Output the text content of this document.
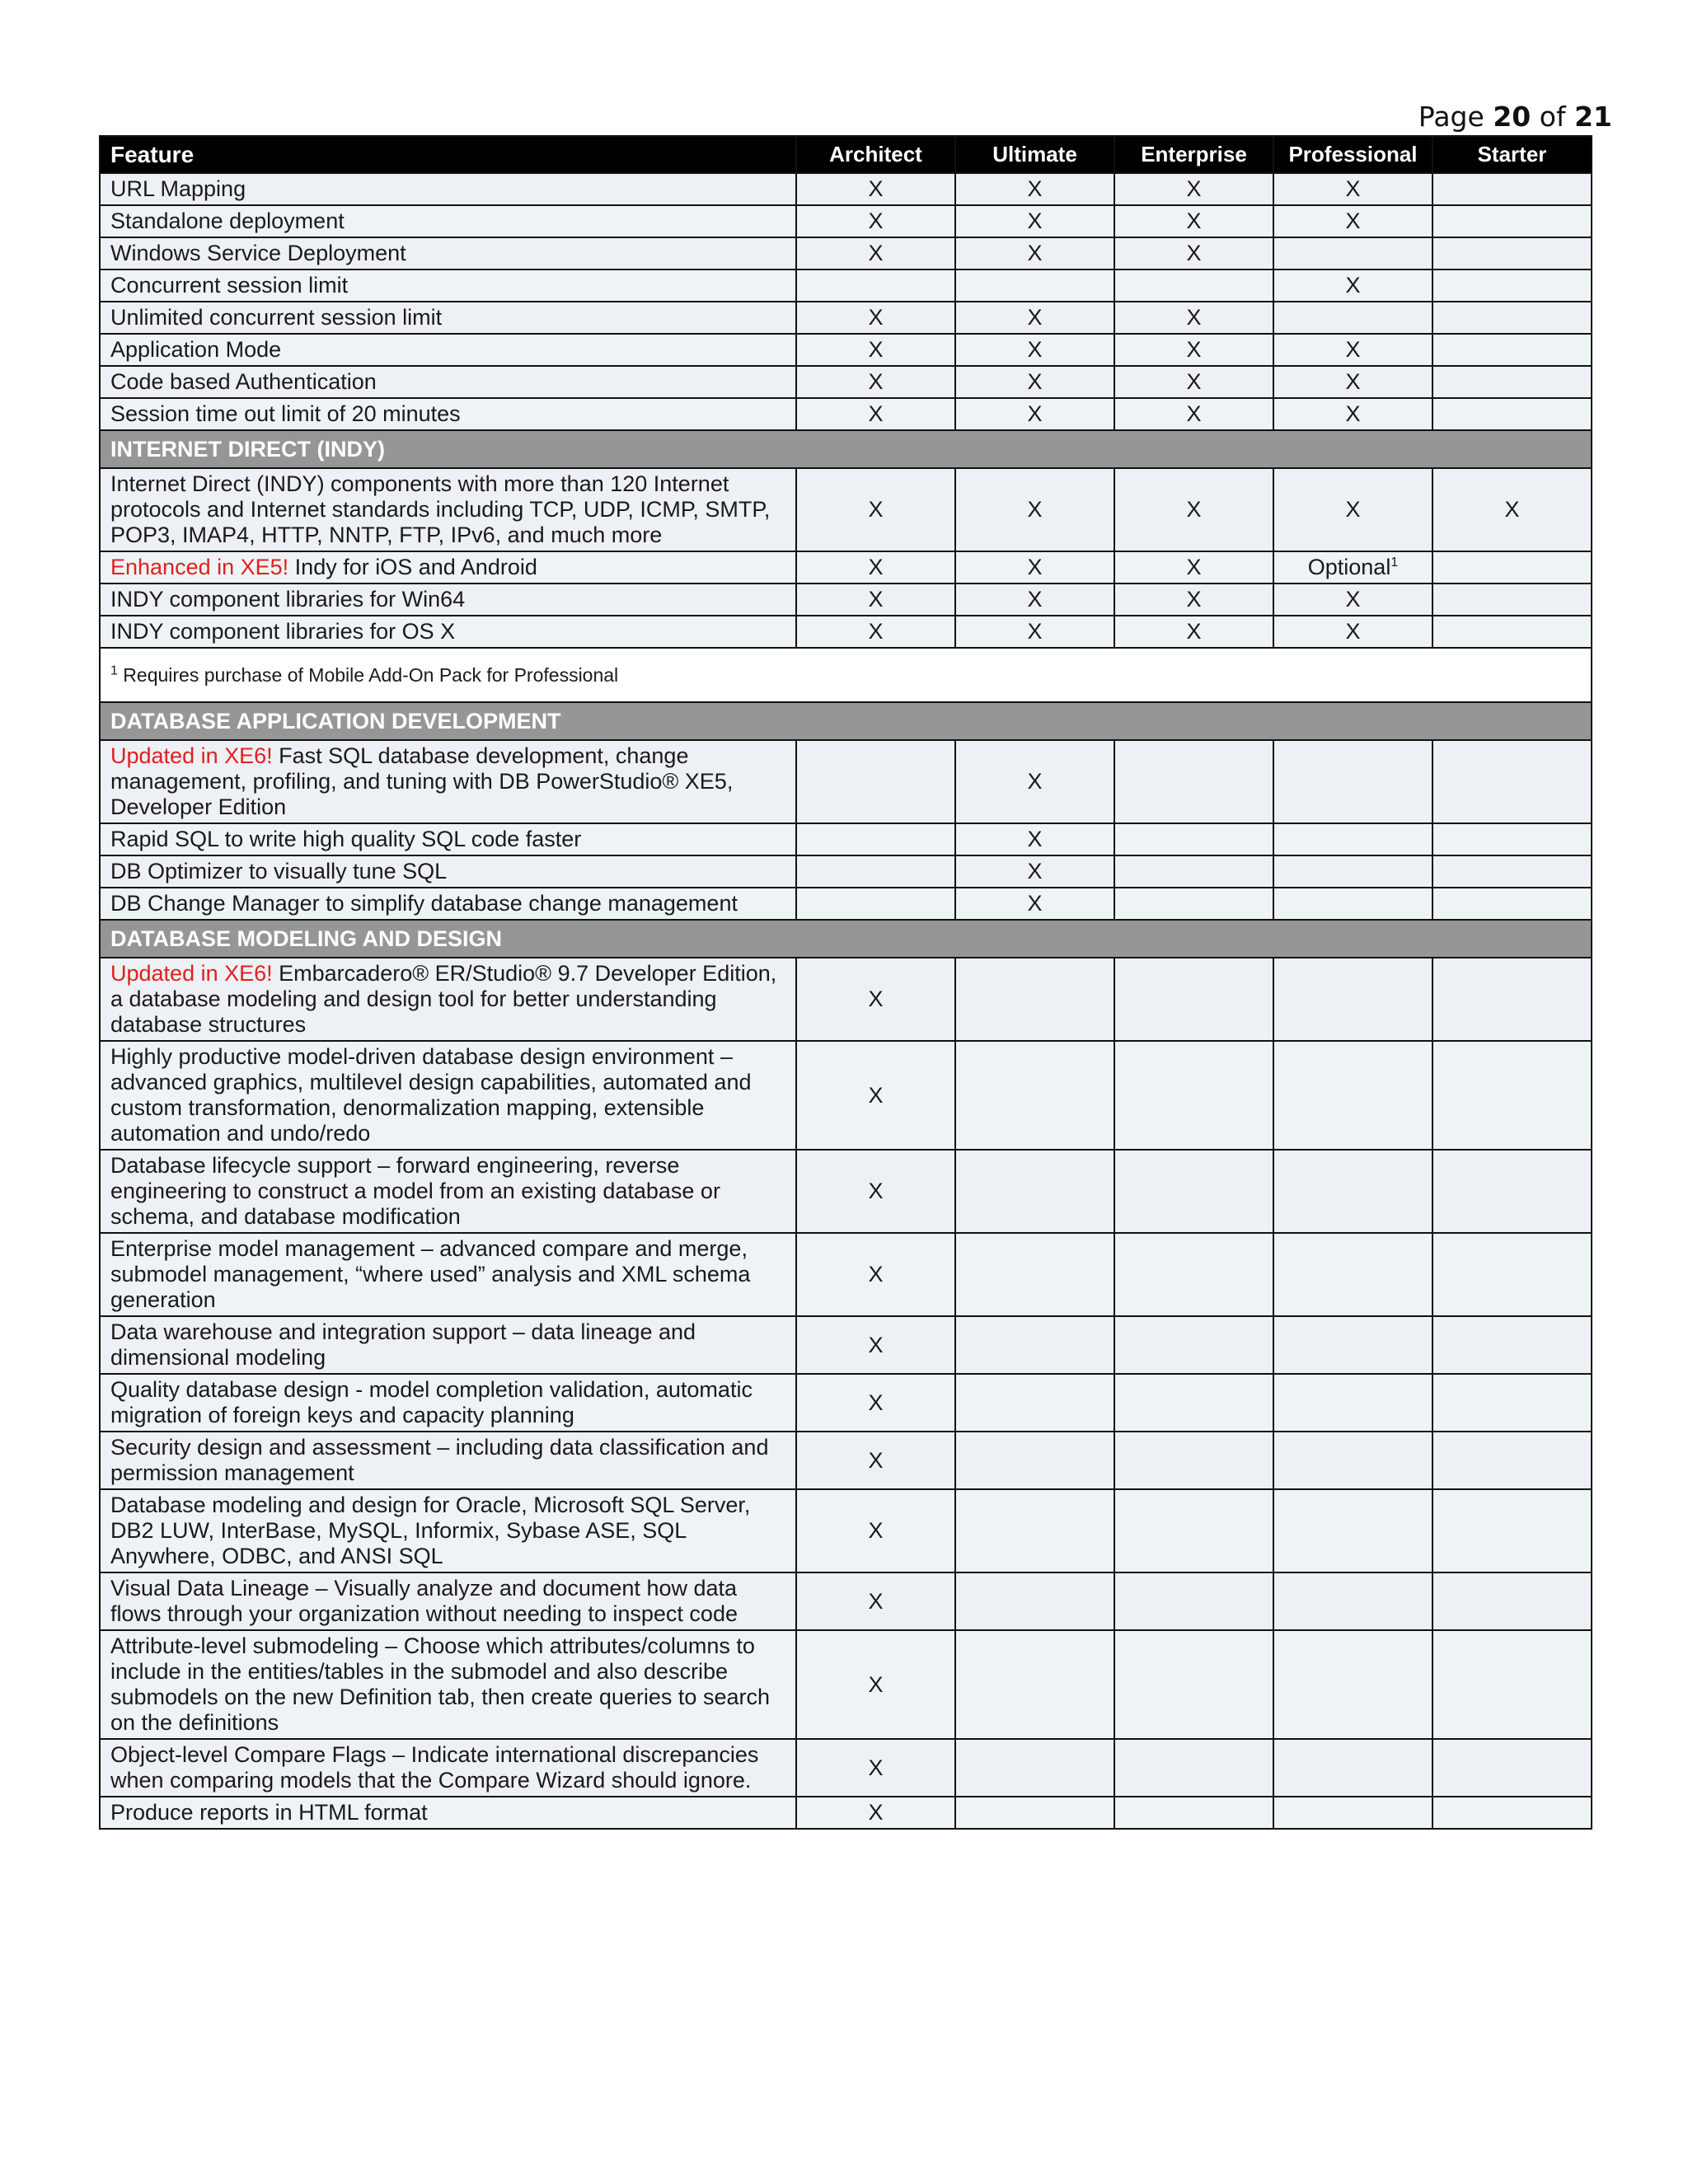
Page 20 of 21
Feature	Architect	Ultimate	Enterprise	Professional	Starter
URL Mapping	X	X	X	X	
Standalone deployment	X	X	X	X	
Windows Service Deployment	X	X	X		
Concurrent session limit				X	
Unlimited concurrent session limit	X	X	X		
Application Mode	X	X	X	X	
Code based Authentication	X	X	X	X	
Session time out limit of 20 minutes	X	X	X	X	
INTERNET DIRECT (INDY)					
Internet Direct (INDY) components with more than 120 Internet protocols and Internet standards including TCP, UDP, ICMP, SMTP, POP3, IMAP4, HTTP, NNTP, FTP, IPv6, and much more	X	X	X	X	X
Enhanced in XE5! Indy for iOS and Android	X	X	X	Optional$^1$	
INDY component libraries for Win64	X	X	X	X	
INDY component libraries for OS X	X	X	X	X	
$^1$ Requires purchase of Mobile Add-On Pack for Professional					
DATABASE APPLICATION DEVELOPMENT					
Updated in XE6! Fast SQL database development, change management, profiling, and tuning with DB PowerStudio® XE5, Developer Edition		X			
Rapid SQL to write high quality SQL code faster		X			
DB Optimizer to visually tune SQL		X			
DB Change Manager to simplify database change management		X			
DATABASE MODELING AND DESIGN					
Updated in XE6! Embarcadero® ER/Studio® 9.7 Developer Edition, a database modeling and design tool for better understanding database structures	X				
Highly productive model-driven database design environment – advanced graphics, multilevel design capabilities, automated and custom transformation, denormalization mapping, extensible automation and undo/redo	X				
Database lifecycle support – forward engineering, reverse engineering to construct a model from an existing database or schema, and database modification	X				
Enterprise model management – advanced compare and merge, submodel management, “where used” analysis and XML schema generation	X				
Data warehouse and integration support – data lineage and dimensional modeling	X				
Quality database design - model completion validation, automatic migration of foreign keys and capacity planning	X				
Security design and assessment – including data classification and permission management	X				
Database modeling and design for Oracle, Microsoft SQL Server, DB2 LUW, InterBase, MySQL, Informix, Sybase ASE, SQL Anywhere, ODBC, and ANSI SQL	X				
Visual Data Lineage – Visually analyze and document how data flows through your organization without needing to inspect code	X				
Attribute-level submodeling – Choose which attributes/columns to include in the entities/tables in the submodel and also describe submodels on the new Definition tab, then create queries to search on the definitions	X				
Object-level Compare Flags – Indicate international discrepancies when comparing models that the Compare Wizard should ignore.	X				
Produce reports in HTML format	X				
